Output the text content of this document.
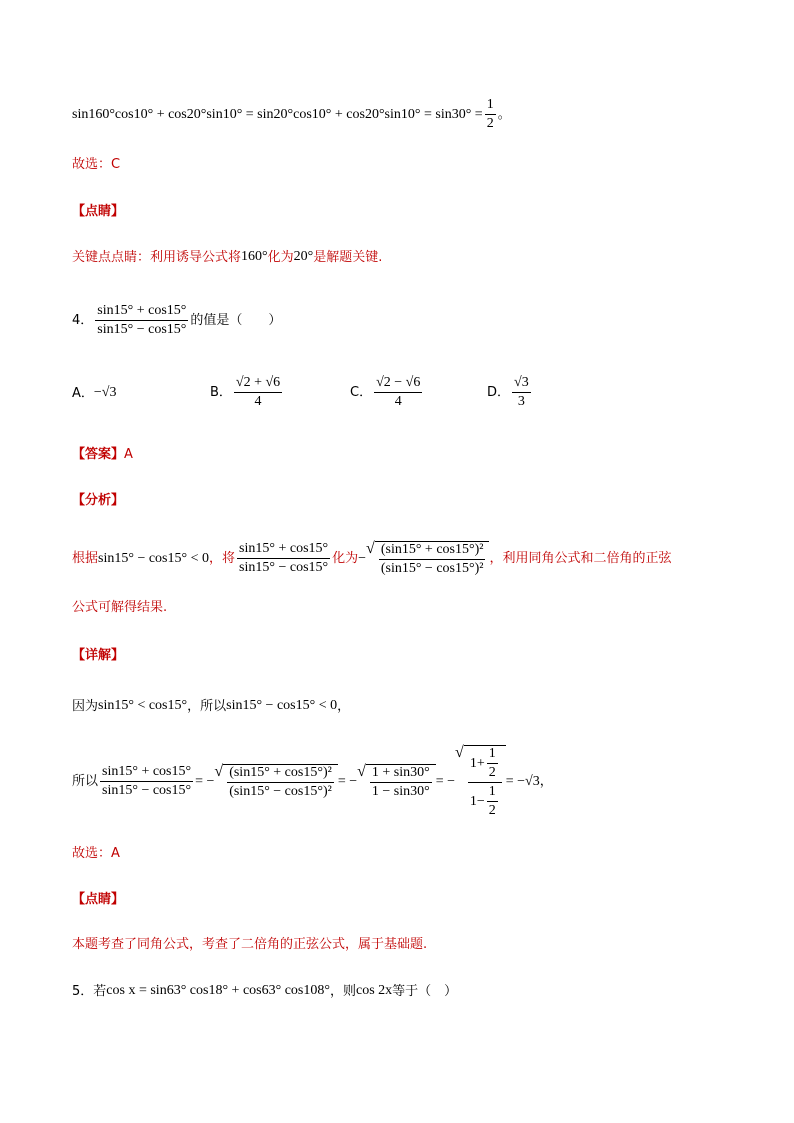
$\sin 160^\circ\cos 10^\circ + \cos 20^\circ\sin 10^\circ = \sin 20^\circ\cos 10^\circ + \cos 20^\circ\sin 10^\circ = \sin 30^\circ = \frac{1}{2}$ 。
故选： C
【点睛】
关键点点睛：利用诱导公式将 160° 化为 20° 是解题关键.
4． $\frac{\sin 15^\circ + \cos 15^\circ}{\sin 15^\circ - \cos 15^\circ}$ 的值是（　　）
A． −√3	B． $\frac{√2 + √6}{4}$	C． $\frac{√2 - √6}{4}$	D． $\frac{√3}{3}$
【答案】 A
【分析】
根据 sin15° − cos15° < 0 ，将 $\frac{\sin 15^\circ + \cos 15^\circ}{\sin 15^\circ - \cos 15^\circ}$ 化为 −
√ $\frac{\text{(sin15° + cos15°)²}}{\text{(sin15° − cos15°)²}}$ ，利用同角公式和二倍角的正弦
公式可解得结果.
【详解】
因为 sin15° < cos15° ，所以 sin15° − cos15° < 0 ，
所以 $\frac{\sin 15^\circ + \cos 15^\circ}{\sin 15^\circ - \cos 15^\circ}$ = −
√ $\frac{\text{(sin15° + cos15°)²}}{\text{(sin15° − cos15°)²}}$ = −
√ $\frac{1 + \sin 30^\circ}{1 - \sin 30^\circ}$ = −
√ $\frac{1+ \frac{1}{2}}{1- \frac{1}{2}} = -√3$ ，
故选： A
【点睛】
本题考查了同角公式，考查了二倍角的正弦公式，属于基础题.
5． 若 cos x = sin63° cos18° + cos63° cos108° ，则 cos 2x 等于（　）
